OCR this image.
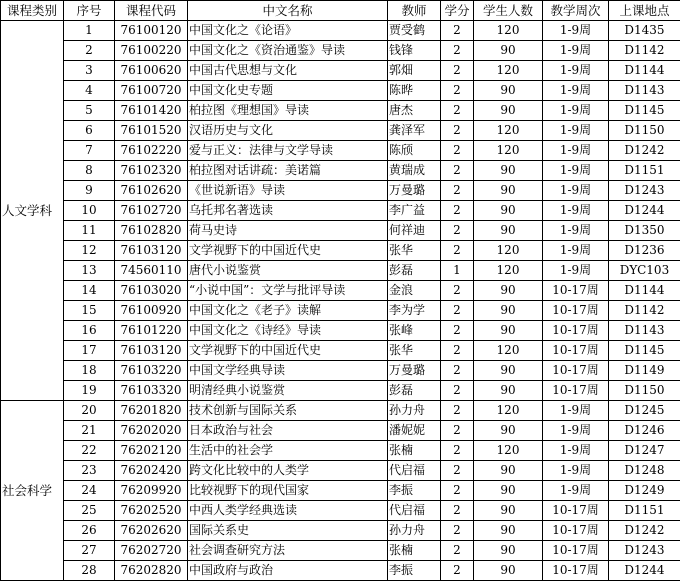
课程类别	序号	课程代码	中文名称	教师	学分	学生人数	教学周次	上课地点
人文学科	1	76100120	中国文化之《论语》	贾受鹤	2	120	1-9周	D1435
	2	76100220	中国文化之《资治通鉴》导读	钱锋	2	90	1-9周	D1142
	3	76100620	中国古代思想与文化	郭畑	2	120	1-9周	D1144
	4	76100720	中国文化史专题	陈晔	2	90	1-9周	D1143
	5	76101420	柏拉图《理想国》导读	唐杰	2	90	1-9周	D1145
	6	76101520	汉语历史与文化	龚泽军	2	120	1-9周	D1150
	7	76102220	爱与正义：法律与文学导读	陈颀	2	120	1-9周	D1242
	8	76102320	柏拉图对话讲疏：美诺篇	黄瑞成	2	90	1-9周	D1151
	9	76102620	《世说新语》导读	万曼璐	2	90	1-9周	D1243
	10	76102720	乌托邦名著选读	李广益	2	90	1-9周	D1244
	11	76102820	荷马史诗	何祥迪	2	90	1-9周	D1350
	12	76103120	文学视野下的中国近代史	张华	2	120	1-9周	D1236
	13	74560110	唐代小说鉴赏	彭磊	1	120	1-9周	DYC103
	14	76103020	“小说中国”：文学与批评导读	金浪	2	90	10-17周	D1144
	15	76100920	中国文化之《老子》读解	李为学	2	90	10-17周	D1142
	16	76101220	中国文化之《诗经》导读	张峰	2	90	10-17周	D1143
	17	76103120	文学视野下的中国近代史	张华	2	120	10-17周	D1145
	18	76103220	中国文学经典导读	万曼璐	2	90	10-17周	D1149
	19	76103320	明清经典小说鉴赏	彭磊	2	90	10-17周	D1150
社会科学	20	76201820	技术创新与国际关系	孙力舟	2	120	1-9周	D1245
	21	76202020	日本政治与社会	潘妮妮	2	90	1-9周	D1246
	22	76202120	生活中的社会学	张楠	2	120	1-9周	D1247
	23	76202420	跨文化比较中的人类学	代启福	2	90	1-9周	D1248
	24	76209920	比较视野下的现代国家	李振	2	90	1-9周	D1249
	25	76202520	中西人类学经典选读	代启福	2	90	10-17周	D1151
	26	76202620	国际关系史	孙力舟	2	90	10-17周	D1242
	27	76202720	社会调查研究方法	张楠	2	90	10-17周	D1243
	28	76202820	中国政府与政治	李振	2	90	10-17周	D1244
